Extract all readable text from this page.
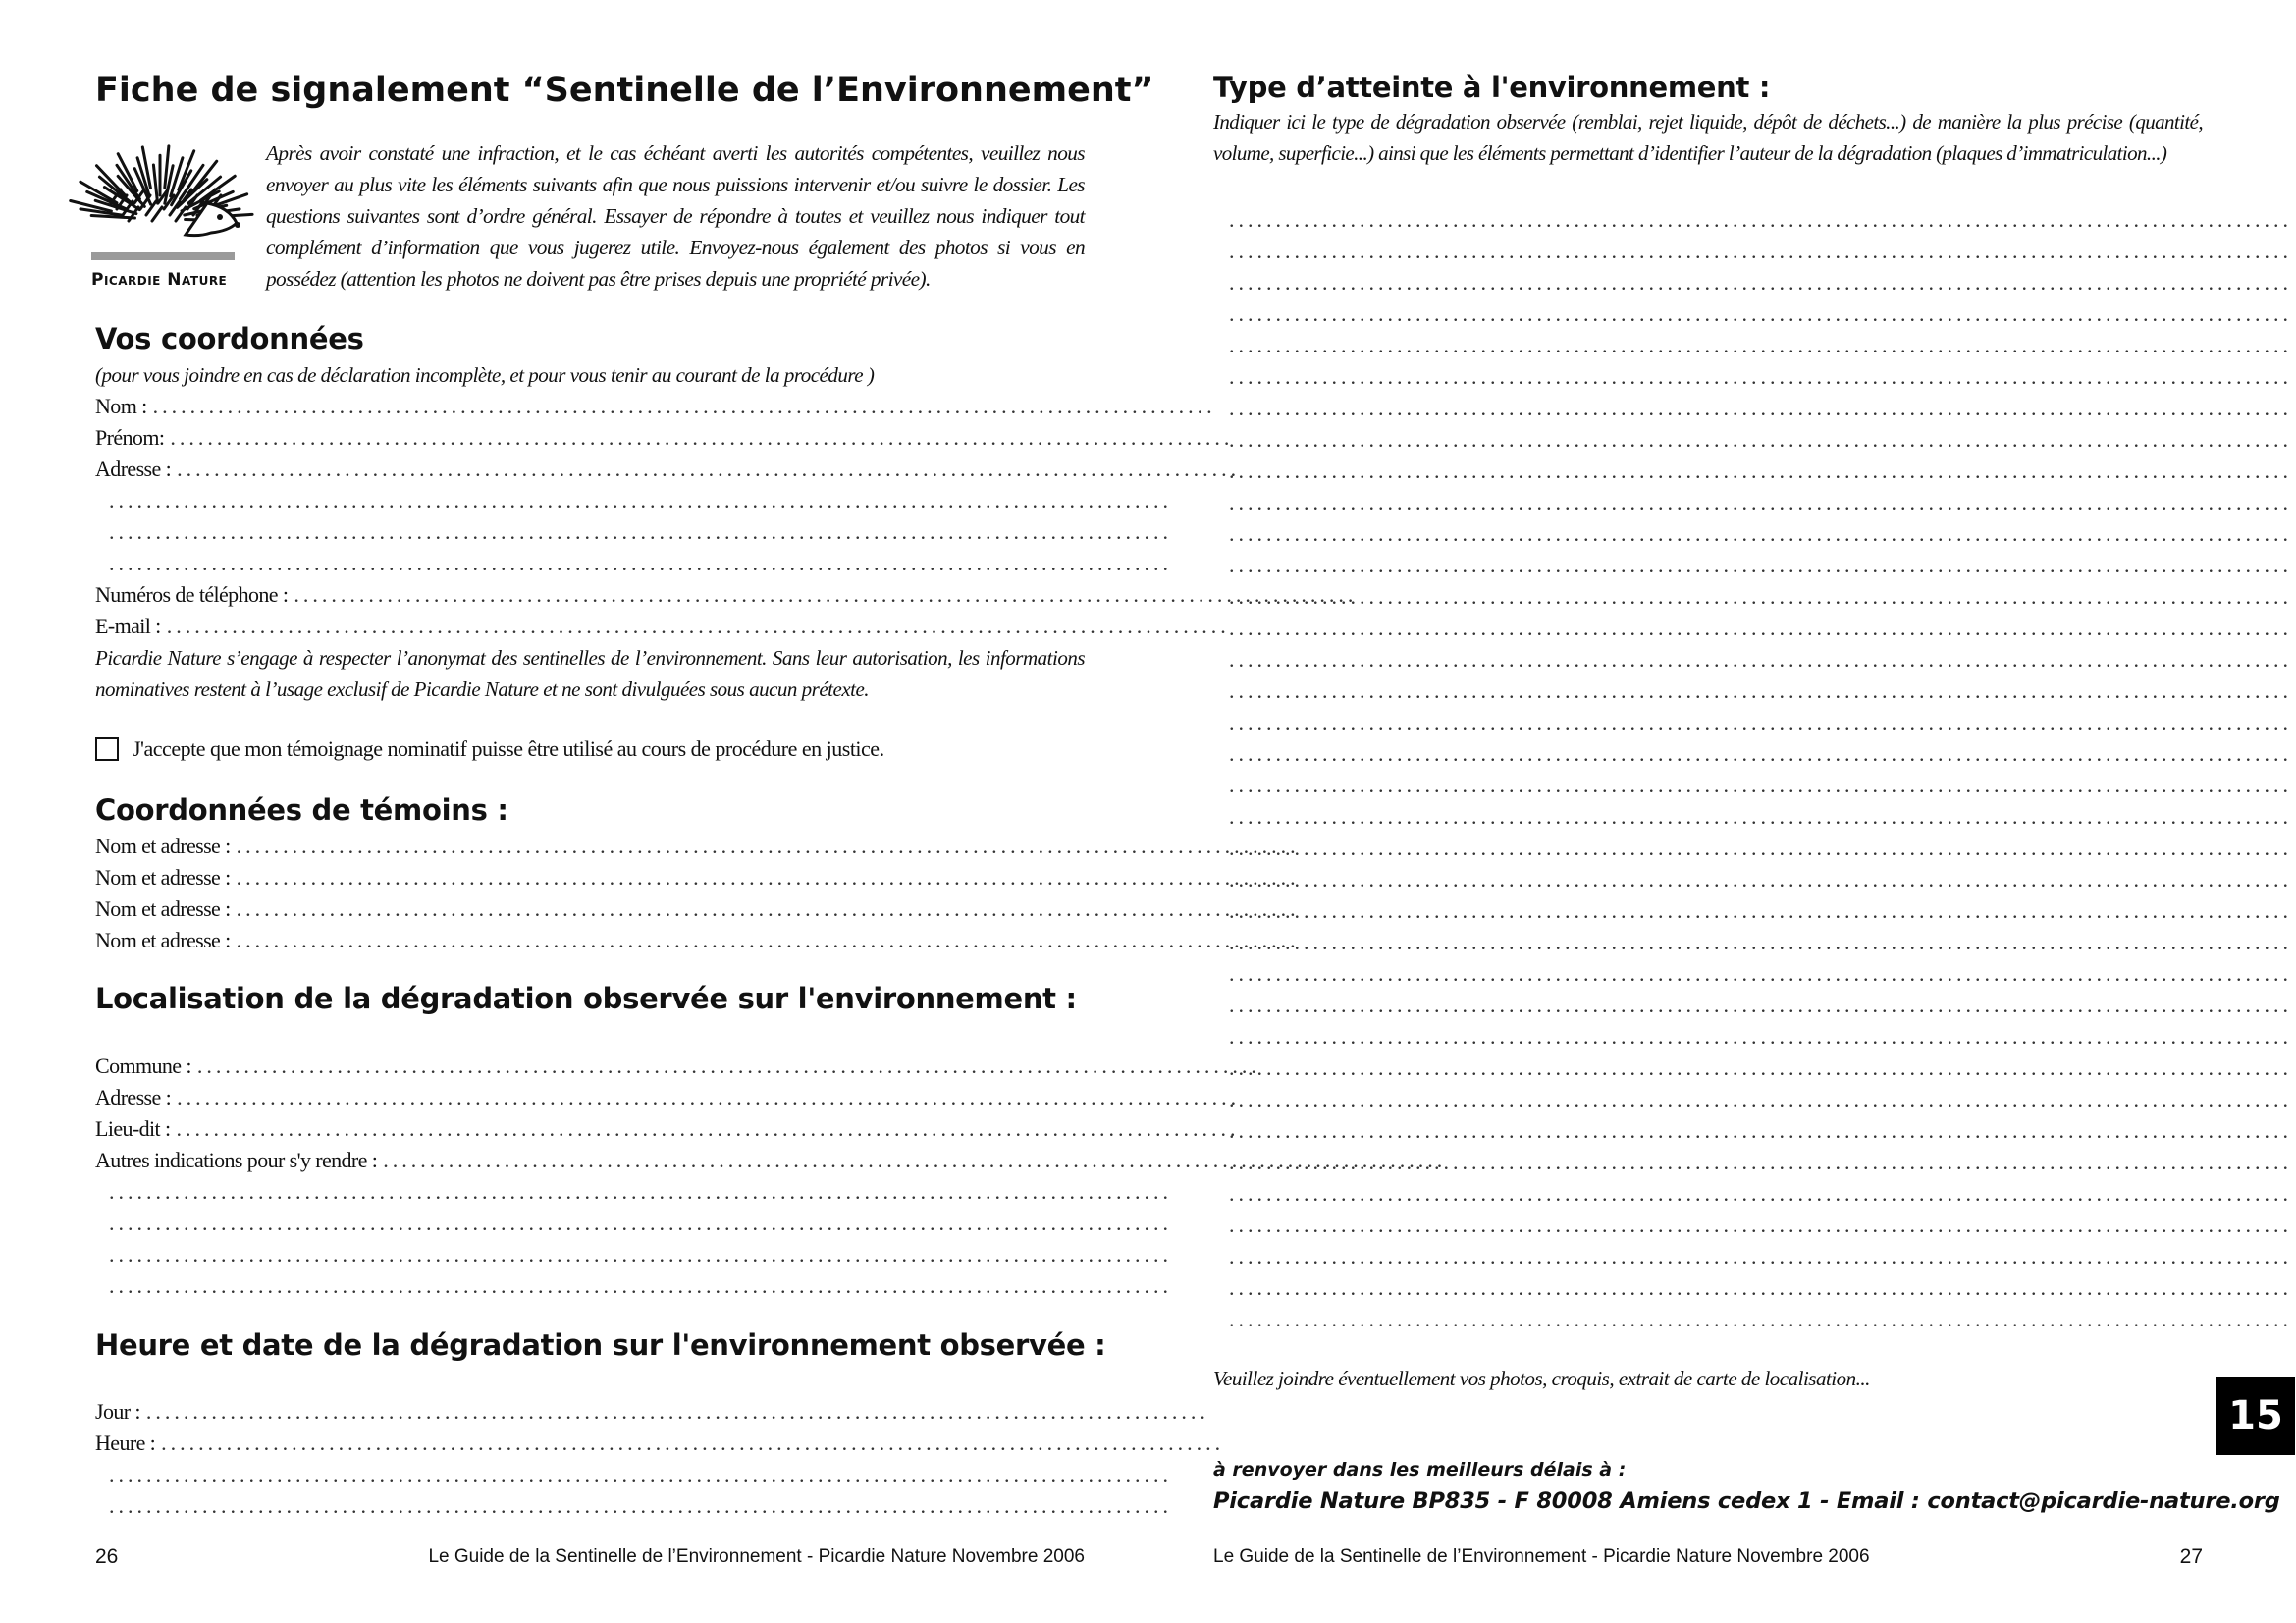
Fiche de signalement “Sentinelle de l’Environnement”
Picardie Nature
Après avoir constaté une infraction, et le cas échéant averti les autorités compétentes, veuillez nous envoyer au plus vite les éléments suivants afin que nous puissions intervenir et/ou suivre le dossier. Les questions suivantes sont d’ordre général. Essayer de répondre à toutes et veuillez nous indiquer tout complément d’information que vous jugerez utile. Envoyez-nous également des photos si vous en possédez (attention les photos ne doivent pas être prises depuis une propriété privée).
Vos coordonnées
(pour vous joindre en cas de déclaration incomplète, et pour vous tenir au courant de la procédure )
Nom : ..................................................................................................................
Prénom: ..................................................................................................................
Adresse : ..................................................................................................................
..................................................................................................................
..................................................................................................................
..................................................................................................................
Numéros de téléphone : ..................................................................................................................
E-mail : ..................................................................................................................
Picardie Nature s’engage à respecter l’anonymat des sentinelles de l’environnement. Sans leur autorisation, les informations nominatives restent à l’usage exclusif de Picardie Nature et ne sont divulguées sous aucun prétexte.
J'accepte que mon témoignage nominatif puisse être utilisé au cours de procédure en justice.
Coordonnées de témoins :
Nom et adresse : ..................................................................................................................
Nom et adresse : ..................................................................................................................
Nom et adresse : ..................................................................................................................
Nom et adresse : ..................................................................................................................
Localisation de la dégradation observée sur l'environnement :
Commune : ..................................................................................................................
Adresse : ..................................................................................................................
Lieu-dit : ..................................................................................................................
Autres indications pour s'y rendre : ..................................................................................................................
..................................................................................................................
..................................................................................................................
..................................................................................................................
..................................................................................................................
Heure et date de la dégradation sur l'environnement observée :
Jour : ..................................................................................................................
Heure : ..................................................................................................................
..................................................................................................................
..................................................................................................................
26	Le Guide de la Sentinelle de l’Environnement - Picardie Nature Novembre 2006
Type d’atteinte à l'environnement :
Indiquer ici le type de dégradation observée (remblai, rejet liquide, dépôt de déchets...) de manière la plus précise (quantité, volume, superficie...) ainsi que les éléments permettant d’identifier l’auteur de la dégradation (plaques d’immatriculation...)
..................................................................................................................
..................................................................................................................
..................................................................................................................
..................................................................................................................
..................................................................................................................
..................................................................................................................
..................................................................................................................
..................................................................................................................
..................................................................................................................
..................................................................................................................
..................................................................................................................
..................................................................................................................
..................................................................................................................
..................................................................................................................
..................................................................................................................
..................................................................................................................
..................................................................................................................
..................................................................................................................
..................................................................................................................
..................................................................................................................
..................................................................................................................
..................................................................................................................
..................................................................................................................
..................................................................................................................
..................................................................................................................
..................................................................................................................
..................................................................................................................
..................................................................................................................
..................................................................................................................
..................................................................................................................
..................................................................................................................
..................................................................................................................
..................................................................................................................
..................................................................................................................
..................................................................................................................
..................................................................................................................
Veuillez joindre éventuellement vos photos, croquis, extrait de carte de localisation...
à renvoyer dans les meilleurs délais à :
Picardie Nature BP835 - F 80008 Amiens cedex 1 - Email : contact@picardie-nature.org
Le Guide de la Sentinelle de l’Environnement - Picardie Nature Novembre 2006	27
15
